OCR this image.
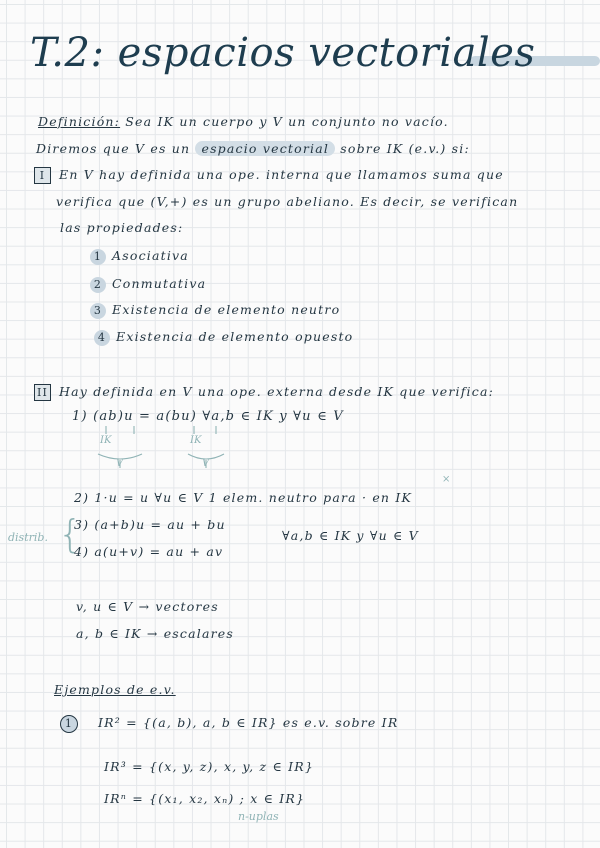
T.2: espacios vectoriales
Definición: Sea IK un cuerpo y V un conjunto no vacío.
Diremos que V es un espacio vectorial sobre IK (e.v.) si:
I En V hay definida una ope. interna que llamamos suma que
verifica que (V,+) es un grupo abeliano. Es decir, se verifican
las propiedades:
1 Asociativa
2 Conmutativa
3 Existencia de elemento neutro
4 Existencia de elemento opuesto
II Hay definida en V una ope. externa desde IK que verifica:
1) (ab)u = a(bu) ∀a,b ∈ IK y ∀u ∈ V
IK	IK
V	V
×
2) 1·u = u ∀u ∈ V 1 elem. neutro para · en IK
distrib. {
3) (a+b)u = au + bu
4) a(u+v) = au + av
∀a,b ∈ IK y ∀u ∈ V
v, u ∈ V → vectores
a, b ∈ IK → escalares
Ejemplos de e.v.
1 IR² = {(a, b), a, b ∈ IR} es e.v. sobre IR
IR³ = {(x, y, z), x, y, z ∈ IR}
IRⁿ = {(x₁, x₂, xₙ) ; x ∈ IR}
n-uplas
